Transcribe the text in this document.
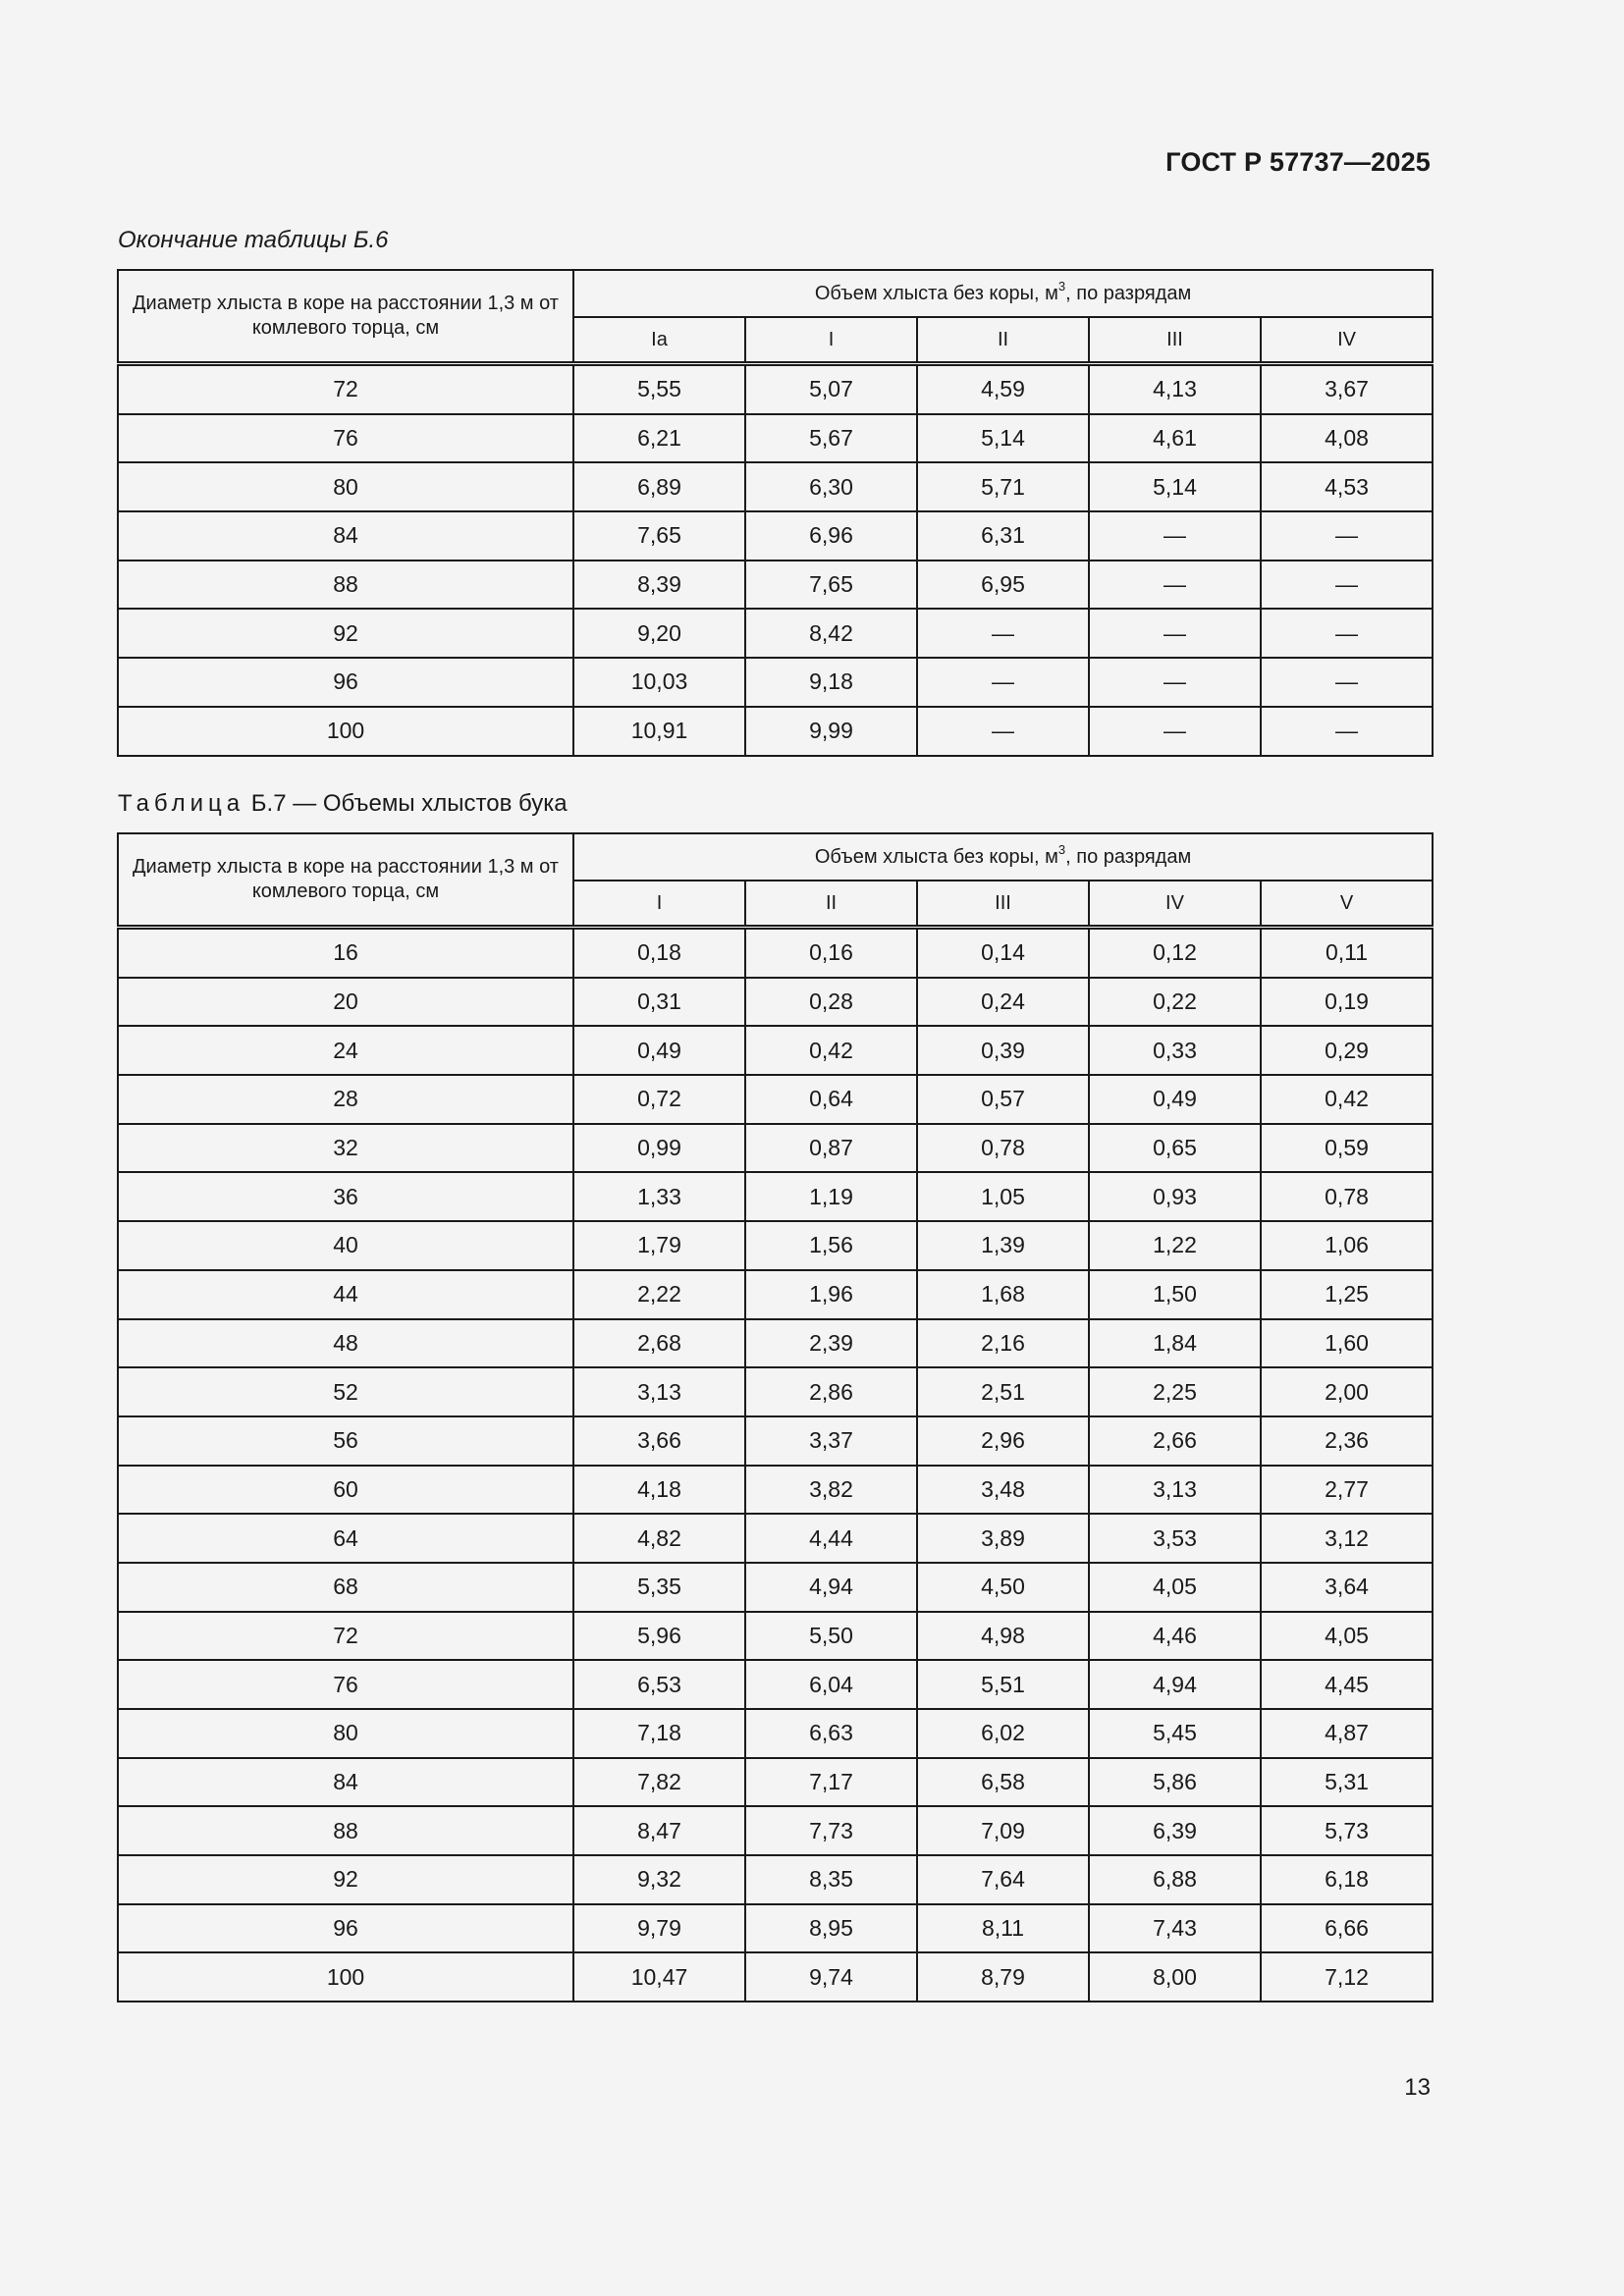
ГОСТ Р 57737—2025
Окончание таблицы Б.6
Диаметр хлыста в коре на расстоянии 1,3 м от комлевого торца, см	Объем хлыста без коры, $м^3$, по разрядам				
	Ia	I	II	III	IV
72	5,55	5,07	4,59	4,13	3,67
76	6,21	5,67	5,14	4,61	4,08
80	6,89	6,30	5,71	5,14	4,53
84	7,65	6,96	6,31	—	—
88	8,39	7,65	6,95	—	—
92	9,20	8,42	—	—	—
96	10,03	9,18	—	—	—
100	10,91	9,99	—	—	—
Таблица Б.7 — Объемы хлыстов бука
Диаметр хлыста в коре на расстоянии 1,3 м от комлевого торца, см	Объем хлыста без коры, $м^3$, по разрядам				
	I	II	III	IV	V
16	0,18	0,16	0,14	0,12	0,11
20	0,31	0,28	0,24	0,22	0,19
24	0,49	0,42	0,39	0,33	0,29
28	0,72	0,64	0,57	0,49	0,42
32	0,99	0,87	0,78	0,65	0,59
36	1,33	1,19	1,05	0,93	0,78
40	1,79	1,56	1,39	1,22	1,06
44	2,22	1,96	1,68	1,50	1,25
48	2,68	2,39	2,16	1,84	1,60
52	3,13	2,86	2,51	2,25	2,00
56	3,66	3,37	2,96	2,66	2,36
60	4,18	3,82	3,48	3,13	2,77
64	4,82	4,44	3,89	3,53	3,12
68	5,35	4,94	4,50	4,05	3,64
72	5,96	5,50	4,98	4,46	4,05
76	6,53	6,04	5,51	4,94	4,45
80	7,18	6,63	6,02	5,45	4,87
84	7,82	7,17	6,58	5,86	5,31
88	8,47	7,73	7,09	6,39	5,73
92	9,32	8,35	7,64	6,88	6,18
96	9,79	8,95	8,11	7,43	6,66
100	10,47	9,74	8,79	8,00	7,12
13
